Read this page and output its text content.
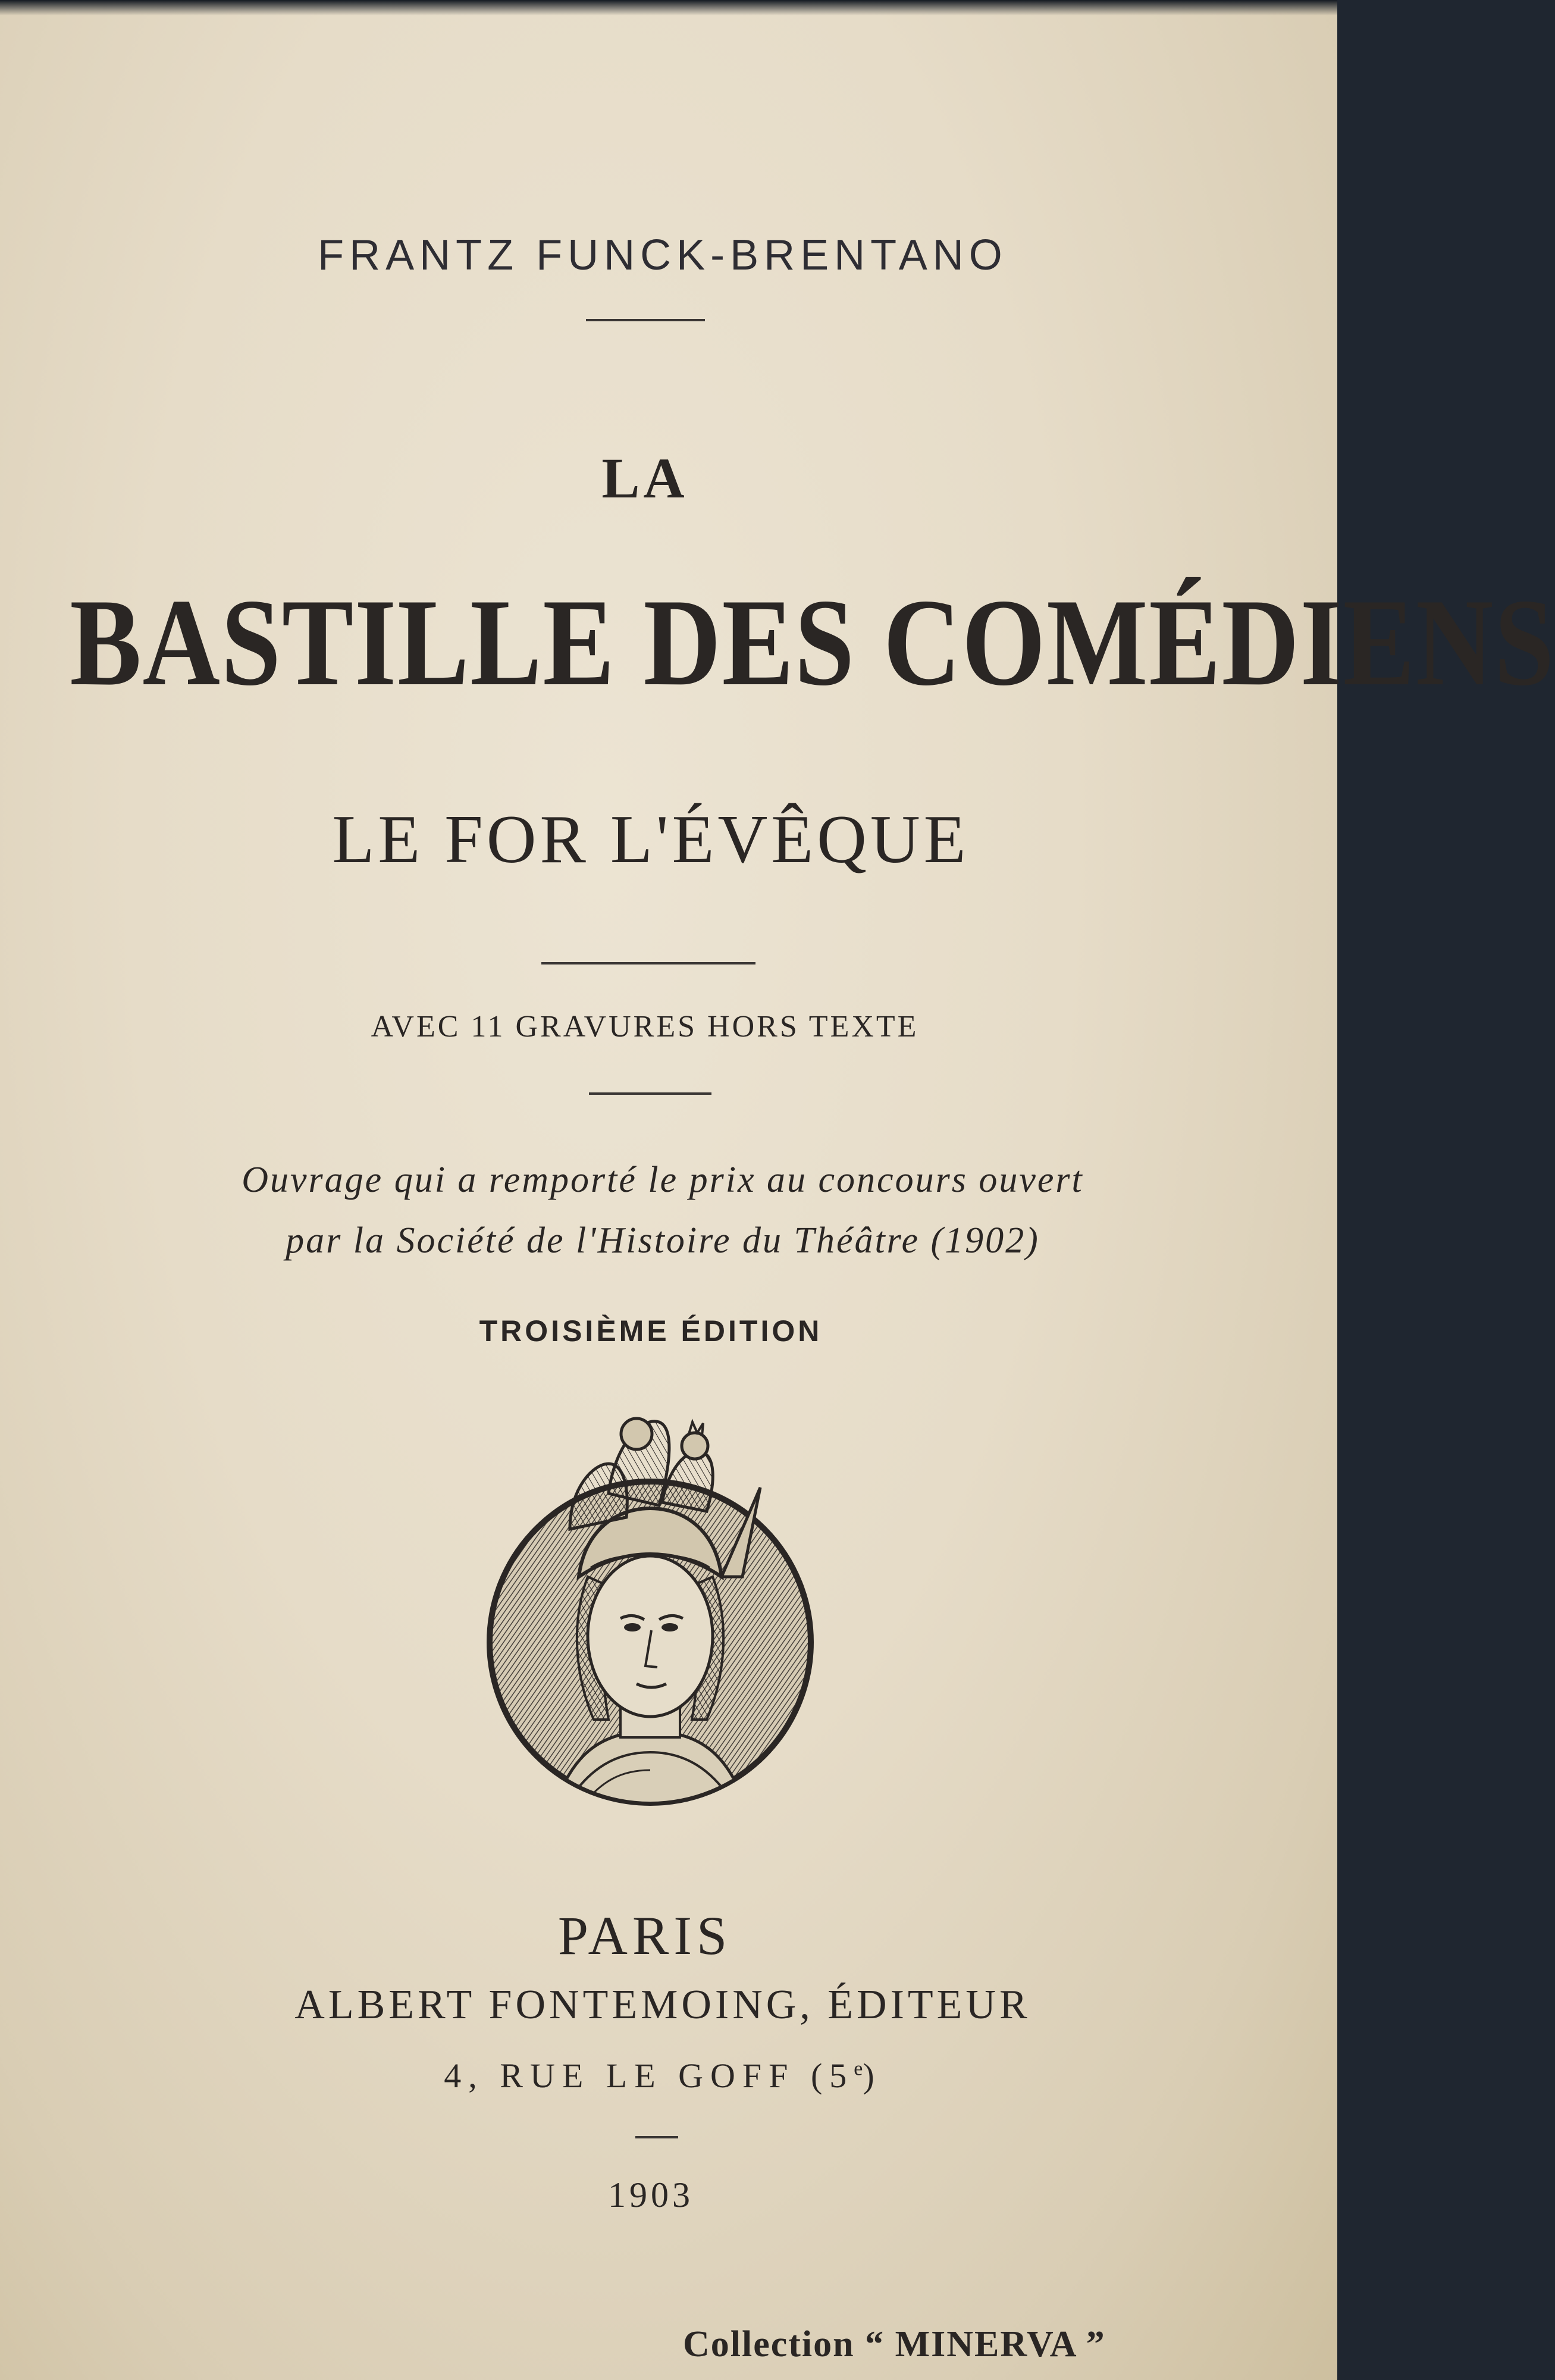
FRANTZ FUNCK-BRENTANO
LA
BASTILLE DES COMÉDIENS
LE FOR L'ÉVÊQUE
AVEC 11 GRAVURES HORS TEXTE
Ouvrage qui a remporté le prix au concours ouvert
par la Société de l'Histoire du Théâtre (1902)
TROISIÈME ÉDITION
PARIS
ALBERT FONTEMOING, ÉDITEUR
4, RUE LE GOFF (5e)
1903
Collection “ MINERVA ”
